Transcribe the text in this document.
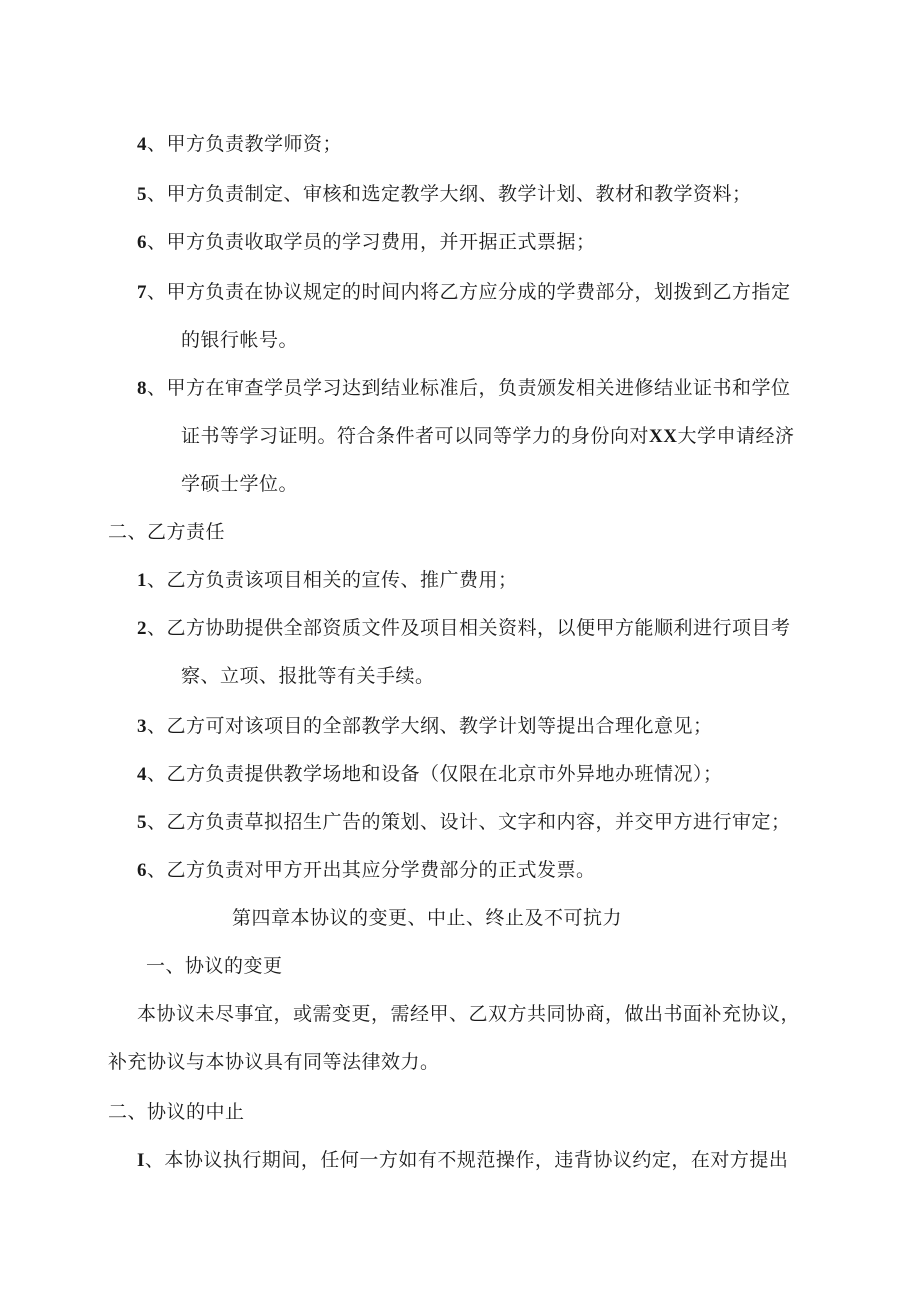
4、甲方负责教学师资；
5、甲方负责制定、审核和选定教学大纲、教学计划、教材和教学资料；
6、甲方负责收取学员的学习费用，并开据正式票据；
7、甲方负责在协议规定的时间内将乙方应分成的学费部分，划拨到乙方指定
的银行帐号。
8、甲方在审查学员学习达到结业标准后，负责颁发相关进修结业证书和学位
证书等学习证明。符合条件者可以同等学力的身份向对XX大学申请经济
学硕士学位。
二、乙方责任
1、乙方负责该项目相关的宣传、推广费用；
2、乙方协助提供全部资质文件及项目相关资料，以便甲方能顺利进行项目考
察、立项、报批等有关手续。
3、乙方可对该项目的全部教学大纲、教学计划等提出合理化意见；
4、乙方负责提供教学场地和设备（仅限在北京市外异地办班情况）；
5、乙方负责草拟招生广告的策划、设计、文字和内容，并交甲方进行审定；
6、乙方负责对甲方开出其应分学费部分的正式发票。
第四章本协议的变更、中止、终止及不可抗力
一、协议的变更
本协议未尽事宜，或需变更，需经甲、乙双方共同协商，做出书面补充协议，
补充协议与本协议具有同等法律效力。
二、协议的中止
I、本协议执行期间，任何一方如有不规范操作，违背协议约定，在对方提出
